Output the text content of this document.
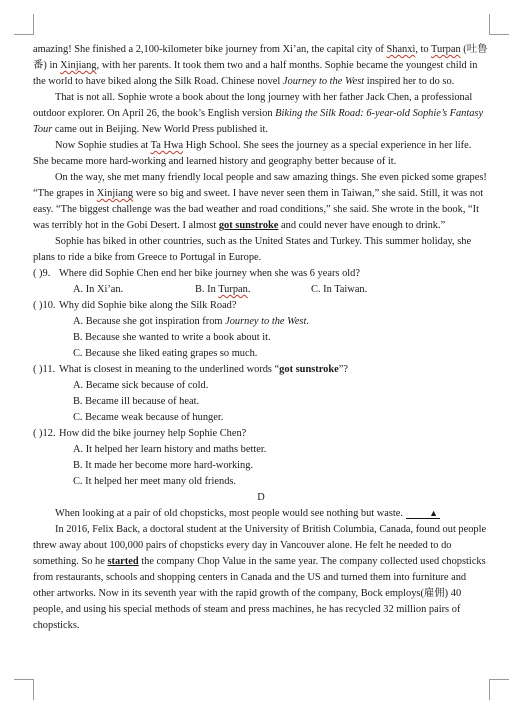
amazing! She finished a 2,100-kilometer bike journey from Xi’an, the capital city of Shanxi, to Turpan (吐鲁番) in Xinjiang, with her parents. It took them two and a half months. Sophie became the youngest child in the world to have biked along the Silk Road. Chinese novel Journey to the West inspired her to do so.

That is not all. Sophie wrote a book about the long journey with her father Jack Chen, a professional outdoor explorer. On April 26, the book’s English version Biking the Silk Road: 6-year-old Sophie’s Fantasy Tour came out in Beijing. New World Press published it.

Now Sophie studies at Ta Hwa High School. She sees the journey as a special experience in her life. She became more hard-working and learned history and geography better because of it.

On the way, she met many friendly local people and saw amazing things. She even picked some grapes! “The grapes in Xinjiang were so big and sweet. I have never seen them in Taiwan,” she said. Still, it was not easy. “The biggest challenge was the bad weather and road conditions,” she said. She wrote in the book, “It was terribly hot in the Gobi Desert. I almost got sunstroke and could never have enough to drink.”

Sophie has biked in other countries, such as the United States and Turkey. This summer holiday, she plans to ride a bike from Greece to Portugal in Europe.

( )9. Where did Sophie Chen end her bike journey when she was 6 years old?

A. In Xi’an.	B. In Turpan.	C. In Taiwan.

( )10. Why did Sophie bike along the Silk Road?

A. Because she got inspiration from Journey to the West.

B. Because she wanted to write a book about it.

C. Because she liked eating grapes so much.

( )11. What is closest in meaning to the underlined words “got sunstroke”?

A. Became sick because of cold.

B. Became ill because of heat.

C. Became weak because of hunger.

( )12. How did the bike journey help Sophie Chen?

A. It helped her learn history and maths better.

B. It made her become more hard-working.

C. It helped her meet many old friends.

D

When looking at a pair of old chopsticks, most people would see nothing but waste.	▲

In 2016, Felix Back, a doctoral student at the University of British Columbia, Canada, found out people threw away about 100,000 pairs of chopsticks every day in Vancouver alone. He felt he needed to do something. So he started the company Chop Value in the same year. The company collected used chopsticks from restaurants, schools and shopping centers in Canada and the US and turned them into furniture and other artworks. Now in its seventh year with the rapid growth of the company, Bock employs(雇佣) 40 people, and using his special methods of steam and press machines, he has recycled 32 million pairs of chopsticks.
